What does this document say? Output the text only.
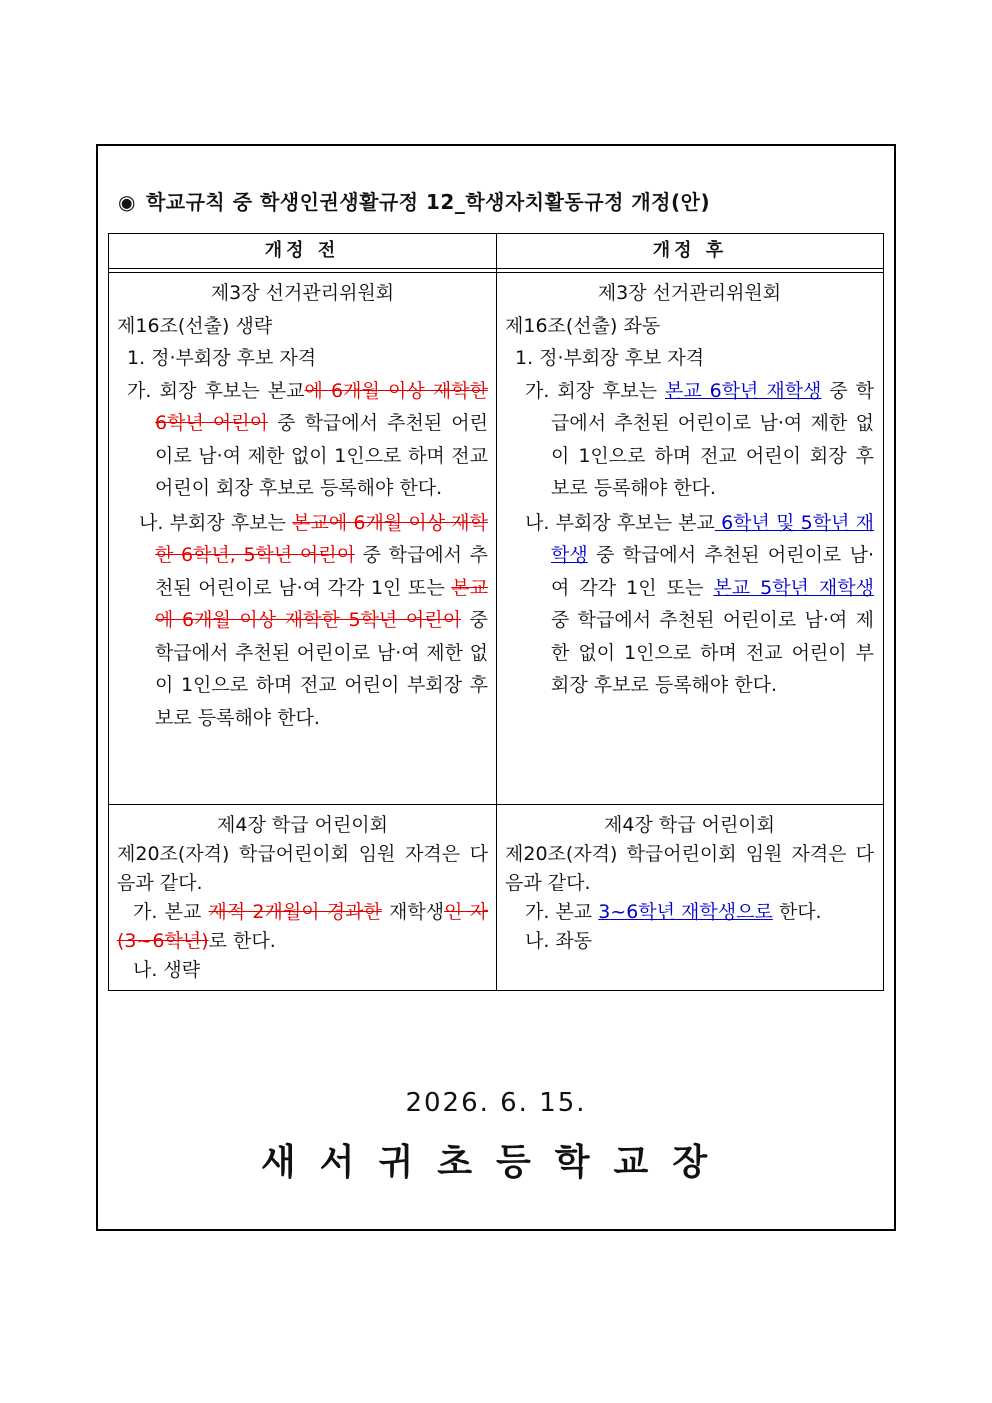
◉ 학교규칙 중 학생인권생활규정 12_학생자치활동규정 개정(안)
개정 전	개정 후
제3장 선거관리위원회
제16조(선출) 생략
1. 정·부회장 후보 자격
가. 회장 후보는 본교에 6개월 이상 재학한 6학년 어린이 중 학급에서 추천된 어린이로 남·여 제한 없이 1인으로 하며 전교 어린이 회장 후보로 등록해야 한다.
나. 부회장 후보는 본교에 6개월 이상 재학한 6학년, 5학년 어린이 중 학급에서 추천된 어린이로 남·여 각각 1인 또는 본교에 6개월 이상 재학한 5학년 어린이 중 학급에서 추천된 어린이로 남·여 제한 없이 1인으로 하며 전교 어린이 부회장 후보로 등록해야 한다.
제3장 선거관리위원회
제16조(선출) 좌동
1. 정·부회장 후보 자격
가. 회장 후보는 본교 6학년 재학생 중 학급에서 추천된 어린이로 남·여 제한 없이 1인으로 하며 전교 어린이 회장 후보로 등록해야 한다.
나. 부회장 후보는 본교 6학년 및 5학년 재학생 중 학급에서 추천된 어린이로 남·여 각각 1인 또는 본교 5학년 재학생 중 학급에서 추천된 어린이로 남·여 제한 없이 1인으로 하며 전교 어린이 부회장 후보로 등록해야 한다.
제4장 학급 어린이회
제20조(자격) 학급어린이회 임원 자격은 다음과 같다.
가. 본교 재적 2개월이 경과한 재학생인 자(3~6학년)로 한다.
나. 생략
제4장 학급 어린이회
제20조(자격) 학급어린이회 임원 자격은 다음과 같다.
가. 본교 3~6학년 재학생으로 한다.
나. 좌동
2026. 6. 15.
새서귀초등학교장
